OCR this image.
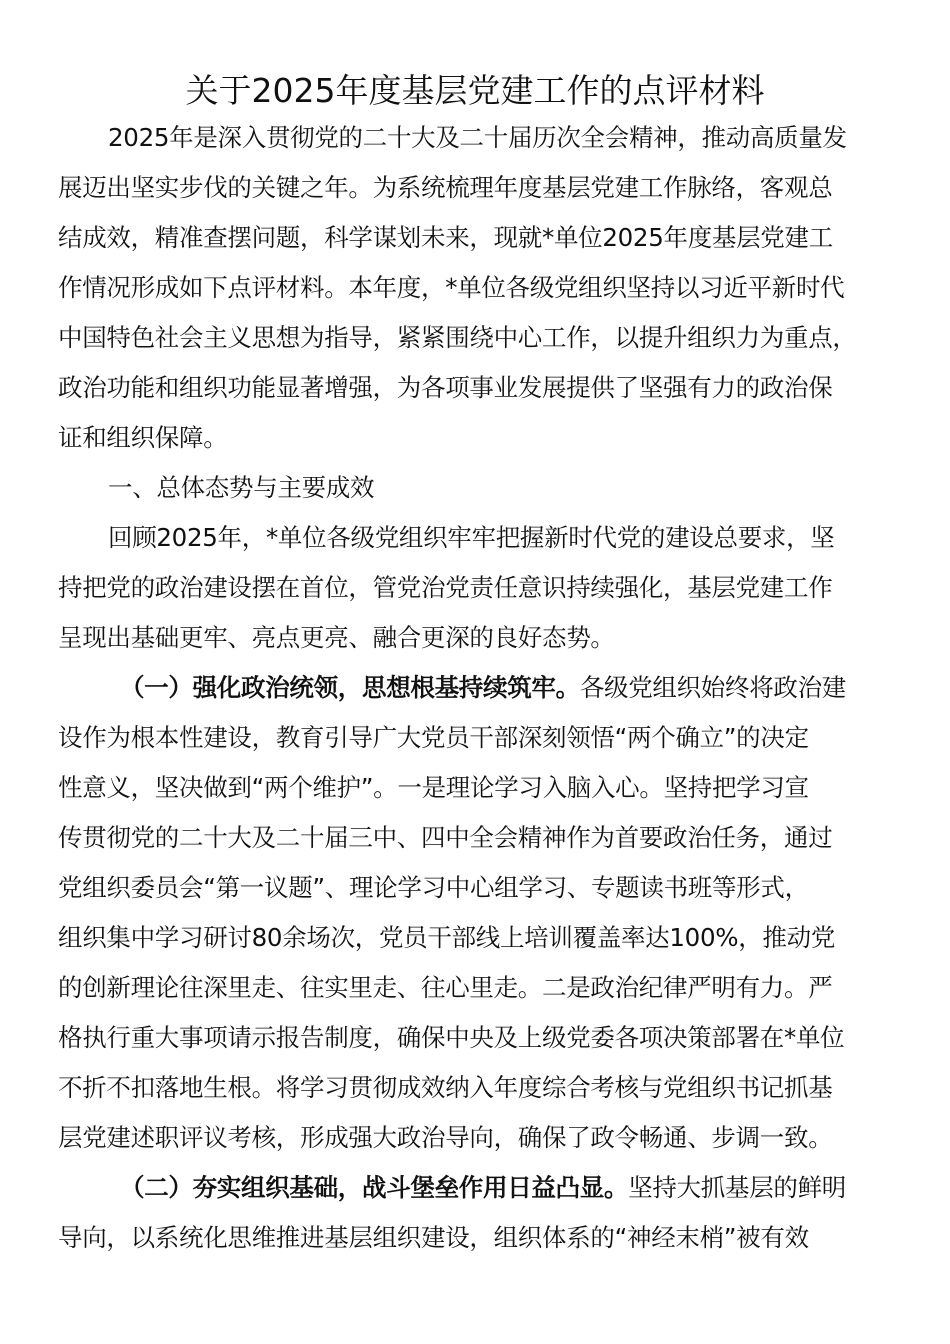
关于2025年度基层党建工作的点评材料
2025年是深入贯彻党的二十大及二十届历次全会精神，推动高质量发
展迈出坚实步伐的关键之年。为系统梳理年度基层党建工作脉络，客观总
结成效，精准查摆问题，科学谋划未来，现就*单位2025年度基层党建工
作情况形成如下点评材料。本年度，*单位各级党组织坚持以习近平新时代
中国特色社会主义思想为指导，紧紧围绕中心工作，以提升组织力为重点，
政治功能和组织功能显著增强，为各项事业发展提供了坚强有力的政治保
证和组织保障。
一、总体态势与主要成效
回顾2025年，*单位各级党组织牢牢把握新时代党的建设总要求，坚
持把党的政治建设摆在首位，管党治党责任意识持续强化，基层党建工作
呈现出基础更牢、亮点更亮、融合更深的良好态势。
（一）强化政治统领，思想根基持续筑牢。各级党组织始终将政治建
设作为根本性建设，教育引导广大党员干部深刻领悟“两个确立”的决定
性意义，坚决做到“两个维护”。一是理论学习入脑入心。坚持把学习宣
传贯彻党的二十大及二十届三中、四中全会精神作为首要政治任务，通过
党组织委员会“第一议题”、理论学习中心组学习、专题读书班等形式，
组织集中学习研讨80余场次，党员干部线上培训覆盖率达100%，推动党
的创新理论往深里走、往实里走、往心里走。二是政治纪律严明有力。严
格执行重大事项请示报告制度，确保中央及上级党委各项决策部署在*单位
不折不扣落地生根。将学习贯彻成效纳入年度综合考核与党组织书记抓基
层党建述职评议考核，形成强大政治导向，确保了政令畅通、步调一致。
（二）夯实组织基础，战斗堡垒作用日益凸显。坚持大抓基层的鲜明
导向，以系统化思维推进基层组织建设，组织体系的“神经末梢”被有效
